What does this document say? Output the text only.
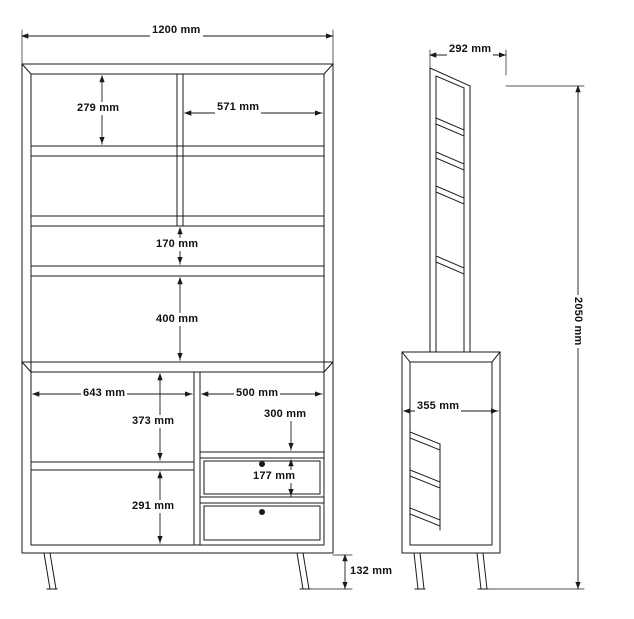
1200 mm
279 mm	571 mm
170 mm
400 mm
643 mm	500 mm
373 mm
300 mm
177 mm
291 mm
132 mm
292 mm
355 mm
2050 mm
